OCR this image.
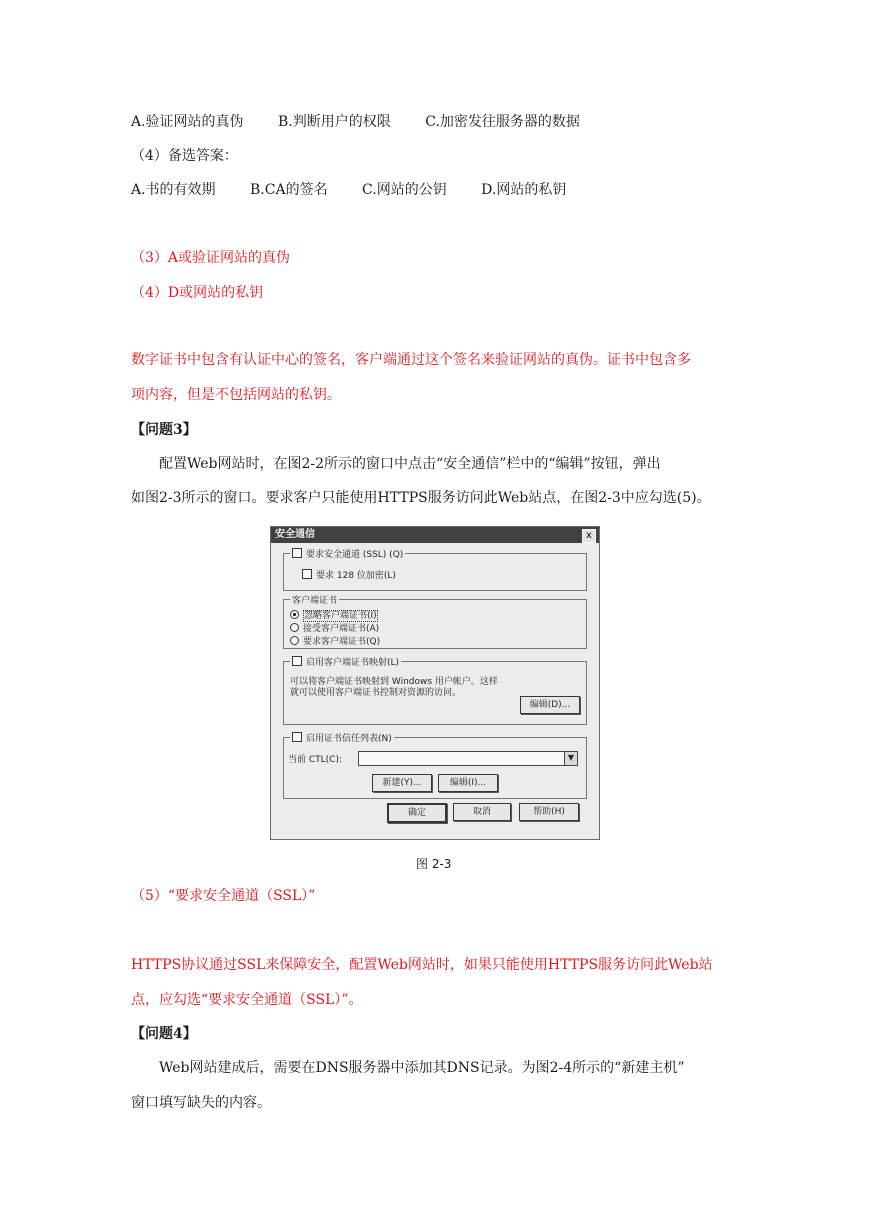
A.验证网站的真伪 B.判断用户的权限 C.加密发往服务器的数据
（4）备选答案：
A.书的有效期 B.CA的签名 C.网站的公钥 D.网站的私钥
（3）A或验证网站的真伪
（4）D或网站的私钥
数字证书中包含有认证中心的签名，客户端通过这个签名来验证网站的真伪。证书中包含多
项内容，但是不包括网站的私钥。
【问题3】
配置Web网站时，在图2-2所示的窗口中点击“安全通信”栏中的“编辑”按钮，弹出
如图2-3所示的窗口。要求客户只能使用HTTPS服务访问此Web站点，在图2-3中应勾选(5)。
安全通信	x
要求安全通道 (SSL) (Q)
要求 128 位加密(L)
客户端证书
忽略客户端证书(I)
接受客户端证书(A)
要求客户端证书(Q)
启用客户端证书映射(L)
可以将客户端证书映射到 Windows 用户帐户。这样
就可以使用客户端证书控制对资源的访问。
编辑(D)...
启用证书信任列表(N)
当前 CTL(C):	▼
新建(Y)...	编辑(I)...
确定	取消	帮助(H)
图 2-3
（5）“要求安全通道（SSL）”
HTTPS协议通过SSL来保障安全，配置Web网站时，如果只能使用HTTPS服务访问此Web站
点，应勾选“要求安全通道（SSL）”。
【问题4】
Web网站建成后，需要在DNS服务器中添加其DNS记录。为图2-4所示的“新建主机”
窗口填写缺失的内容。
